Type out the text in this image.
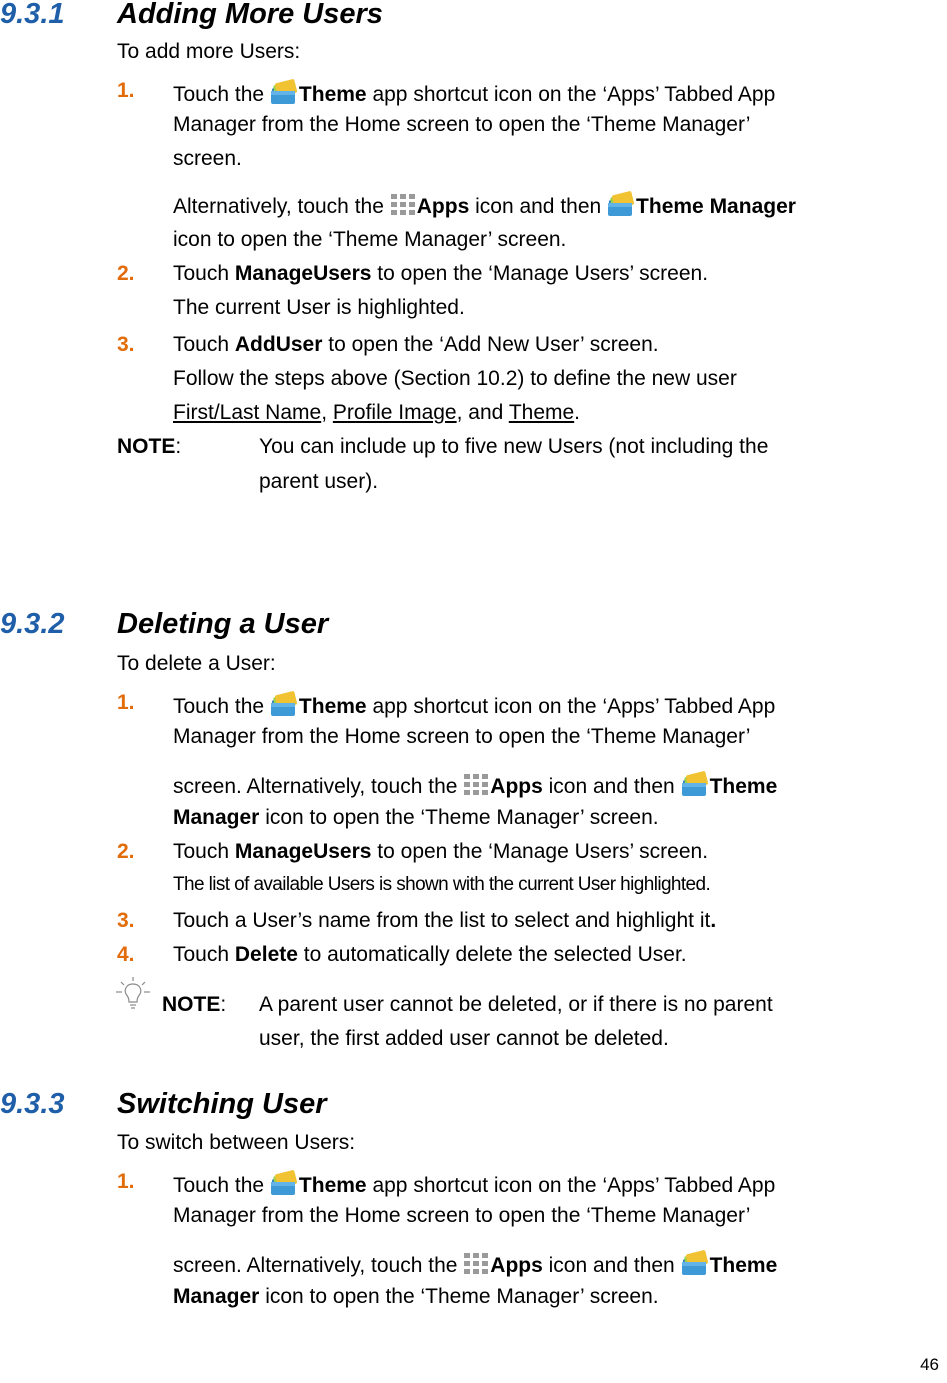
9.3.1 Adding More Users
To add more Users:
1. Touch the Theme app shortcut icon on the ‘Apps’ Tabbed App
Manager from the Home screen to open the ‘Theme Manager’
screen.
Alternatively, touch the Apps icon and then Theme Manager
icon to open the ‘Theme Manager’ screen.
2. Touch ManageUsers to open the ‘Manage Users’ screen.
The current User is highlighted.
3. Touch AddUser to open the ‘Add New User’ screen.
Follow the steps above (Section 10.2) to define the new user
First/Last Name, Profile Image, and Theme.
NOTE:	You can include up to five new Users (not including the
parent user).
9.3.2 Deleting a User
To delete a User:
1. Touch the Theme app shortcut icon on the ‘Apps’ Tabbed App
Manager from the Home screen to open the ‘Theme Manager’
screen. Alternatively, touch the Apps icon and then Theme
Manager icon to open the ‘Theme Manager’ screen.
2. Touch ManageUsers to open the ‘Manage Users’ screen.
The list of available Users is shown with the current User highlighted.
3. Touch a User’s name from the list to select and highlight it.
4. Touch Delete to automatically delete the selected User.
NOTE: A parent user cannot be deleted, or if there is no parent
user, the first added user cannot be deleted.
9.3.3 Switching User
To switch between Users:
1. Touch the Theme app shortcut icon on the ‘Apps’ Tabbed App
Manager from the Home screen to open the ‘Theme Manager’
screen. Alternatively, touch the Apps icon and then Theme
Manager icon to open the ‘Theme Manager’ screen.
46
